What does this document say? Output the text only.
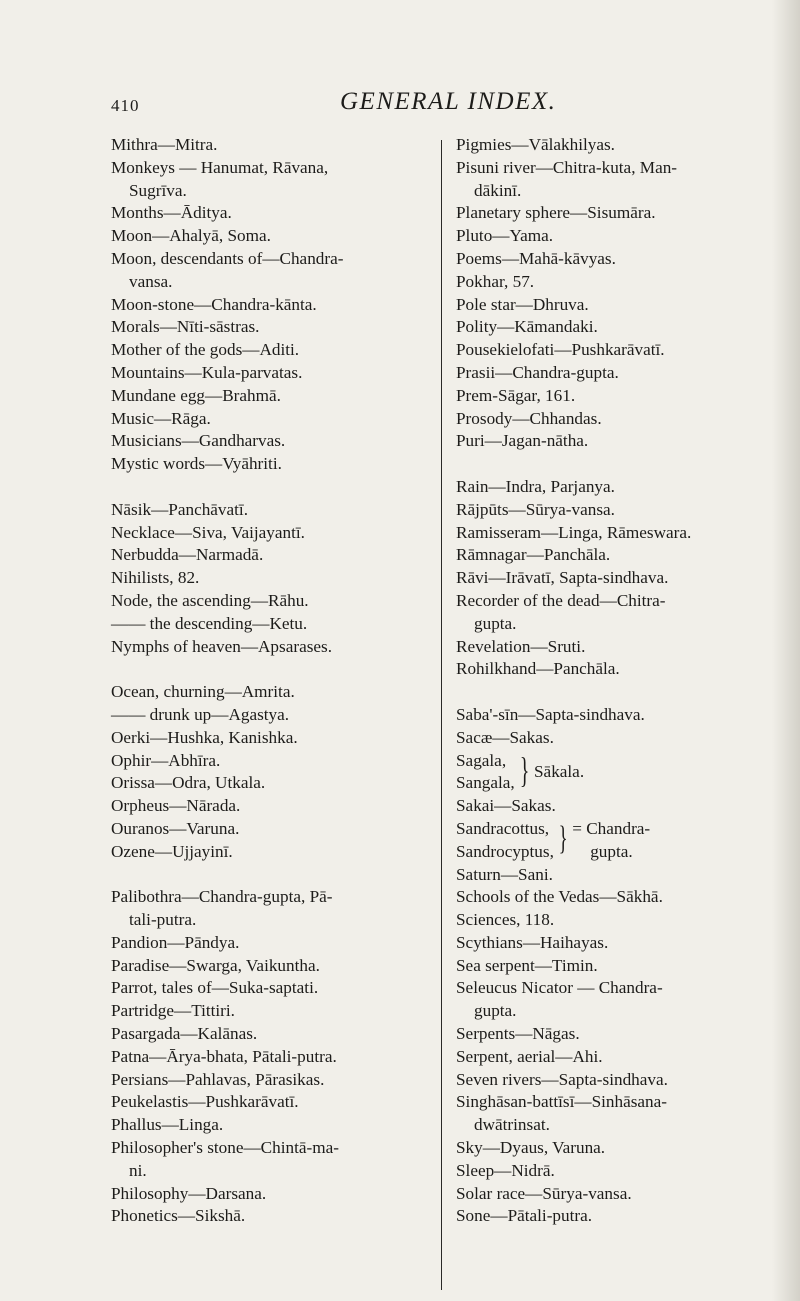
410	GENERAL INDEX.
Mithra—Mitra.
Monkeys — Hanumat, Rāvana,
Sugrīva.
Months—Āditya.
Moon—Ahalyā, Soma.
Moon, descendants of—Chandra-
vansa.
Moon-stone—Chandra-kānta.
Morals—Nīti-sāstras.
Mother of the gods—Aditi.
Mountains—Kula-parvatas.
Mundane egg—Brahmā.
Music—Rāga.
Musicians—Gandharvas.
Mystic words—Vyāhriti.
Nāsik—Panchāvatī.
Necklace—Siva, Vaijayantī.
Nerbudda—Narmadā.
Nihilists, 82.
Node, the ascending—Rāhu.
—— the descending—Ketu.
Nymphs of heaven—Apsarases.
Ocean, churning—Amrita.
—— drunk up—Agastya.
Oerki—Hushka, Kanishka.
Ophir—Abhīra.
Orissa—Odra, Utkala.
Orpheus—Nārada.
Ouranos—Varuna.
Ozene—Ujjayinī.
Palibothra—Chandra-gupta, Pā-
tali-putra.
Pandion—Pāndya.
Paradise—Swarga, Vaikuntha.
Parrot, tales of—Suka-saptati.
Partridge—Tittiri.
Pasargada—Kalānas.
Patna—Ārya-bhata, Pātali-putra.
Persians—Pahlavas, Pārasikas.
Peukelastis—Pushkarāvatī.
Phallus—Linga.
Philosopher's stone—Chintā-ma-
ni.
Philosophy—Darsana.
Phonetics—Sikshā.
Pigmies—Vālakhilyas.
Pisuni river—Chitra-kuta, Man-
dākinī.
Planetary sphere—Sisumāra.
Pluto—Yama.
Poems—Mahā-kāvyas.
Pokhar, 57.
Pole star—Dhruva.
Polity—Kāmandaki.
Pousekielofati—Pushkarāvatī.
Prasii—Chandra-gupta.
Prem-Sāgar, 161.
Prosody—Chhandas.
Puri—Jagan-nātha.
Rain—Indra, Parjanya.
Rājpūts—Sūrya-vansa.
Ramisseram—Linga, Rāmeswara.
Rāmnagar—Panchāla.
Rāvi—Irāvatī, Sapta-sindhava.
Recorder of the dead—Chitra-
gupta.
Revelation—Sruti.
Rohilkhand—Panchāla.
Saba'-sīn—Sapta-sindhava.
Sacæ—Sakas.
Sagala,
Sangala, } Sākala.
Sakai—Sakas.
Sandracottus,
Sandrocyptus, } = Chandra-
gupta.
Saturn—Sani.
Schools of the Vedas—Sākhā.
Sciences, 118.
Scythians—Haihayas.
Sea serpent—Timin.
Seleucus Nicator — Chandra-
gupta.
Serpents—Nāgas.
Serpent, aerial—Ahi.
Seven rivers—Sapta-sindhava.
Singhāsan-battīsī—Sinhāsana-
dwātrinsat.
Sky—Dyaus, Varuna.
Sleep—Nidrā.
Solar race—Sūrya-vansa.
Sone—Pātali-putra.
